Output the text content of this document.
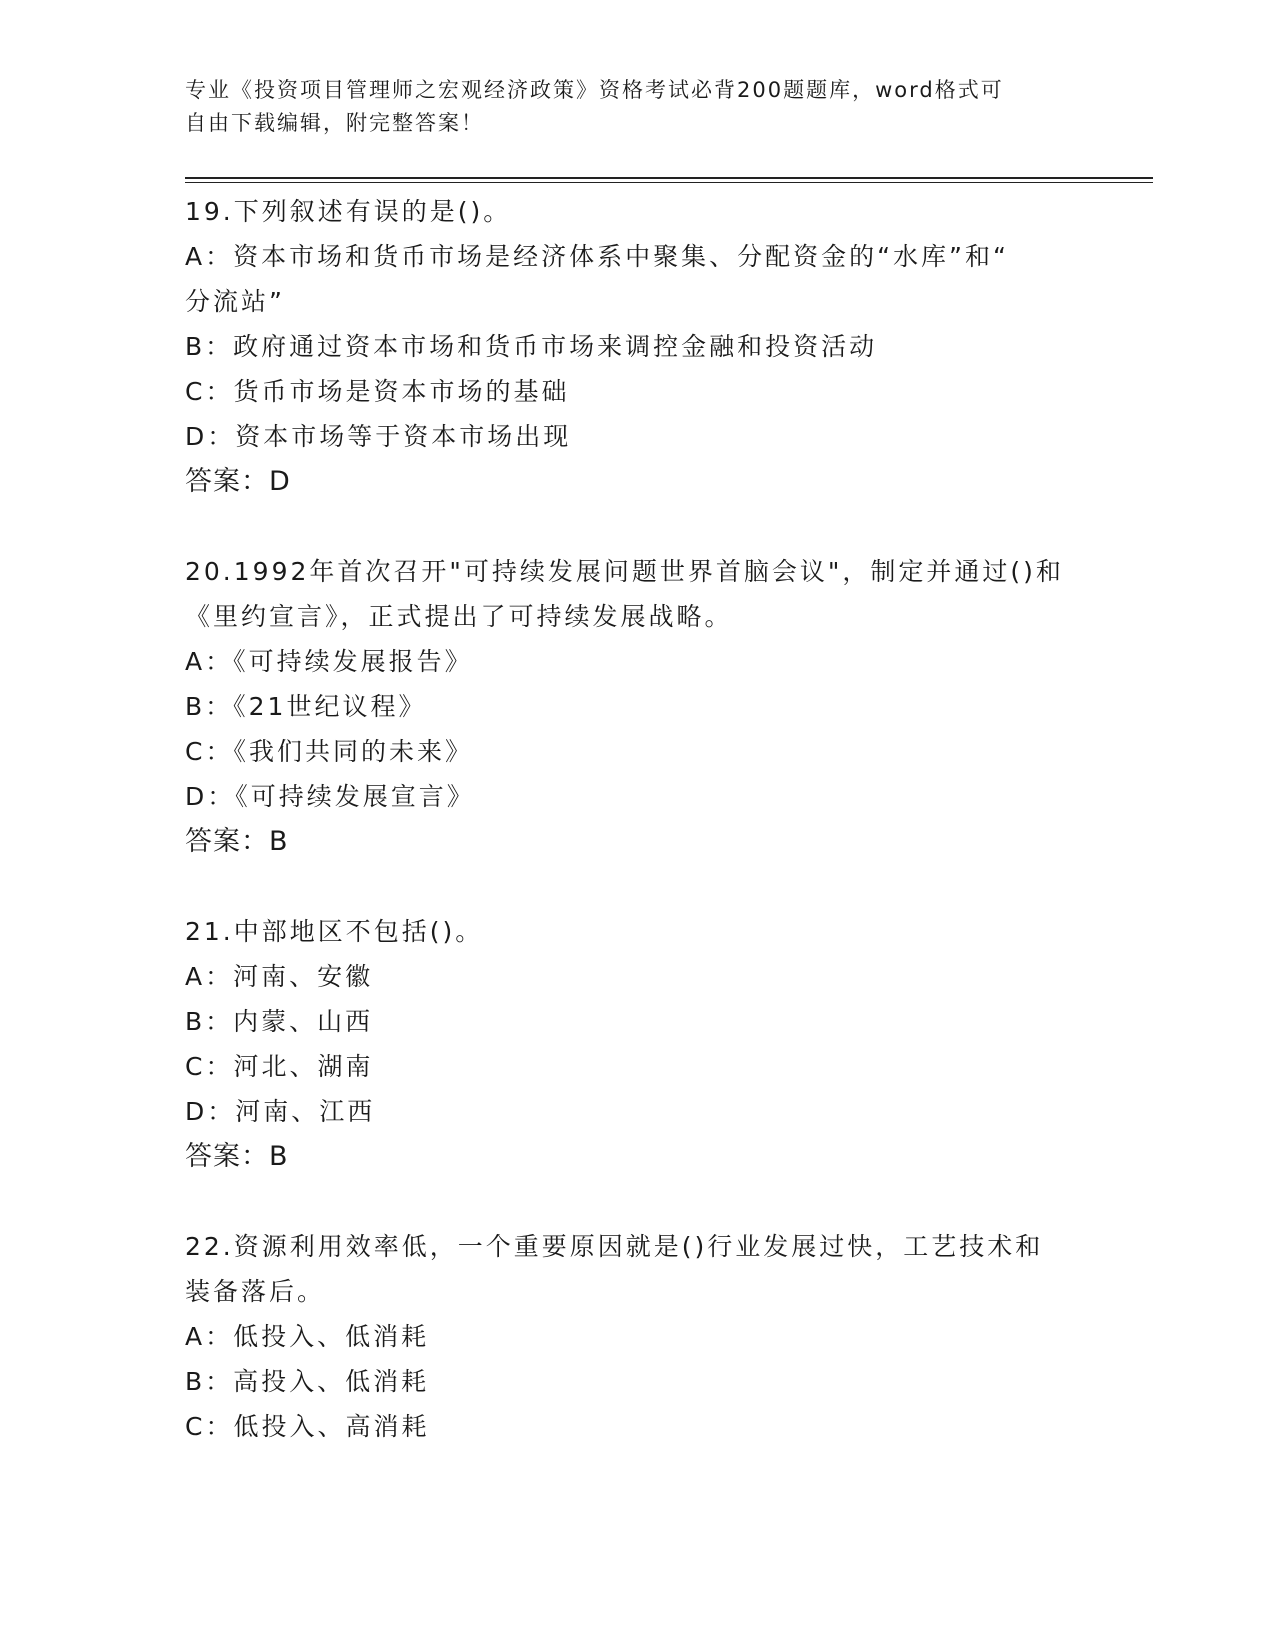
专业《投资项目管理师之宏观经济政策》资格考试必背200题题库，word格式可
自由下载编辑，附完整答案！
19.下列叙述有误的是()。
A：资本市场和货币市场是经济体系中聚集、分配资金的“水库”和“
分流站”
B：政府通过资本市场和货币市场来调控金融和投资活动
C：货币市场是资本市场的基础
D：资本市场等于资本市场出现
答案：D
20.1992年首次召开"可持续发展问题世界首脑会议"，制定并通过()和
《里约宣言》，正式提出了可持续发展战略。
A：《可持续发展报告》
B：《21世纪议程》
C：《我们共同的未来》
D：《可持续发展宣言》
答案：B
21.中部地区不包括()。
A：河南、安徽
B：内蒙、山西
C：河北、湖南
D：河南、江西
答案：B
22.资源利用效率低，一个重要原因就是()行业发展过快，工艺技术和
装备落后。
A：低投入、低消耗
B：高投入、低消耗
C：低投入、高消耗
